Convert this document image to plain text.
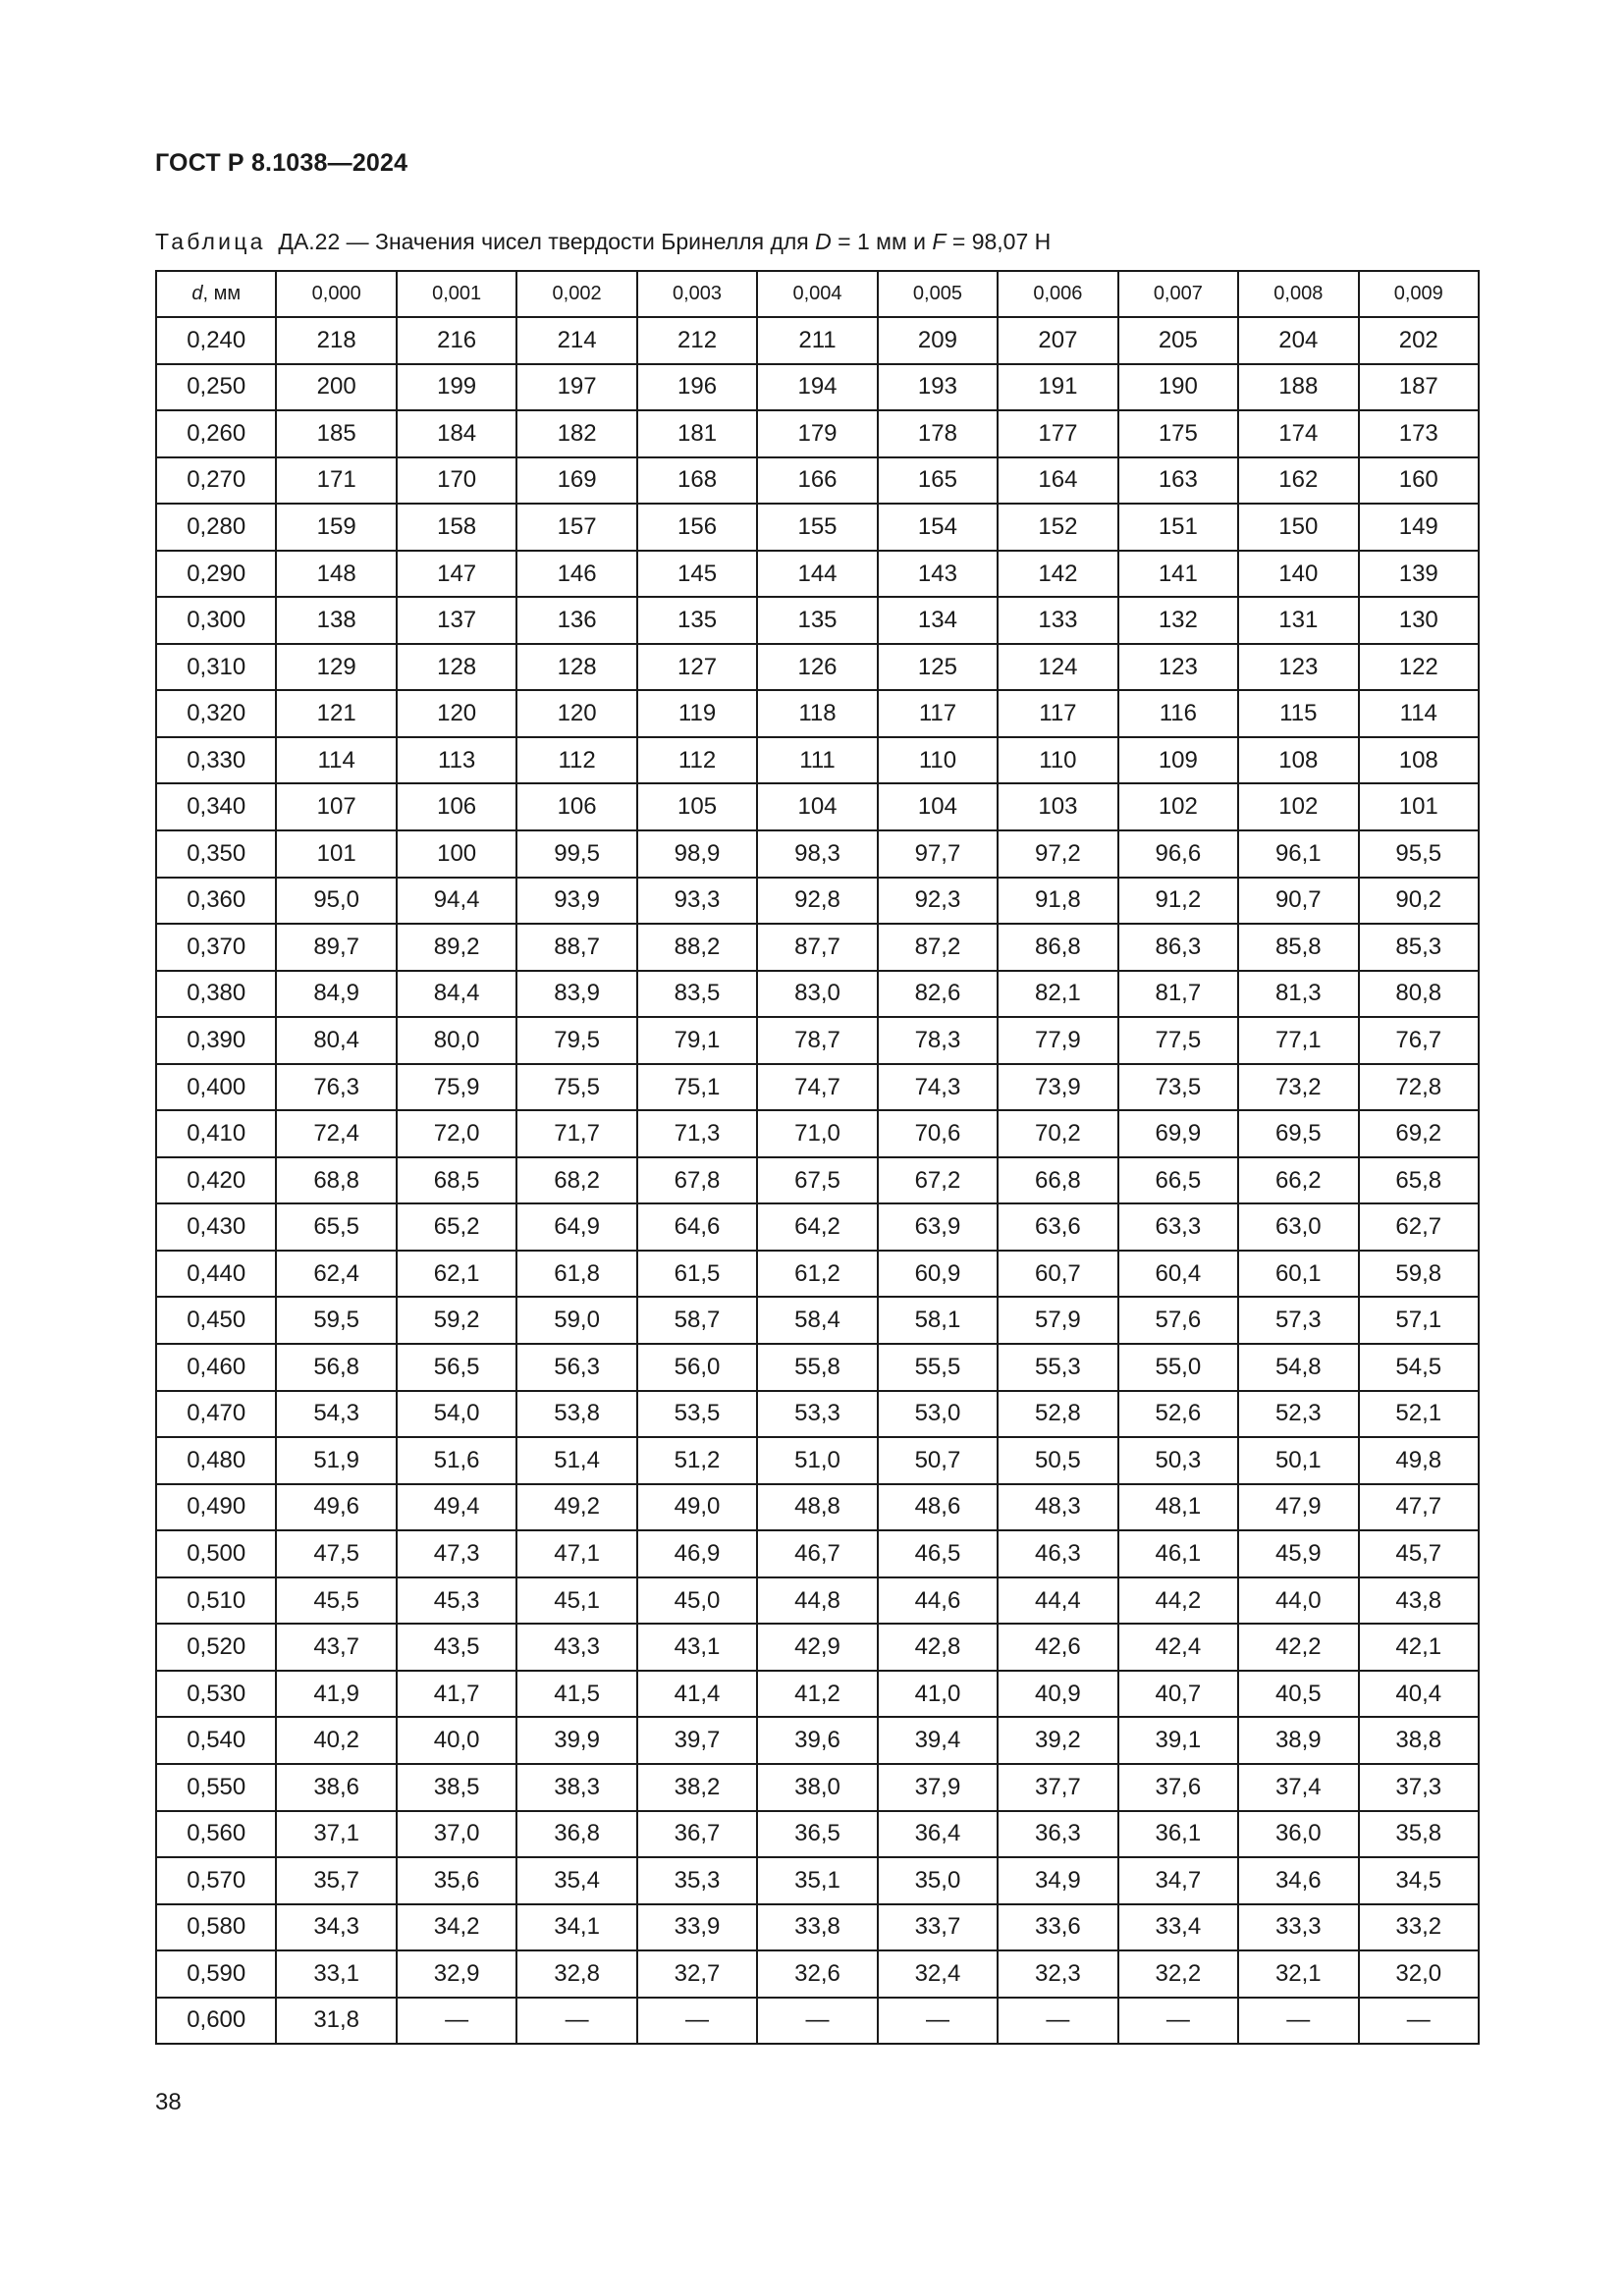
ГОСТ Р 8.1038—2024
Таблица ДА.22 — Значения чисел твердости Бринелля для D = 1 мм и F = 98,07 Н
d, мм	0,000	0,001	0,002	0,003	0,004	0,005	0,006	0,007	0,008	0,009
0,240	218	216	214	212	211	209	207	205	204	202
0,250	200	199	197	196	194	193	191	190	188	187
0,260	185	184	182	181	179	178	177	175	174	173
0,270	171	170	169	168	166	165	164	163	162	160
0,280	159	158	157	156	155	154	152	151	150	149
0,290	148	147	146	145	144	143	142	141	140	139
0,300	138	137	136	135	135	134	133	132	131	130
0,310	129	128	128	127	126	125	124	123	123	122
0,320	121	120	120	119	118	117	117	116	115	114
0,330	114	113	112	112	111	110	110	109	108	108
0,340	107	106	106	105	104	104	103	102	102	101
0,350	101	100	99,5	98,9	98,3	97,7	97,2	96,6	96,1	95,5
0,360	95,0	94,4	93,9	93,3	92,8	92,3	91,8	91,2	90,7	90,2
0,370	89,7	89,2	88,7	88,2	87,7	87,2	86,8	86,3	85,8	85,3
0,380	84,9	84,4	83,9	83,5	83,0	82,6	82,1	81,7	81,3	80,8
0,390	80,4	80,0	79,5	79,1	78,7	78,3	77,9	77,5	77,1	76,7
0,400	76,3	75,9	75,5	75,1	74,7	74,3	73,9	73,5	73,2	72,8
0,410	72,4	72,0	71,7	71,3	71,0	70,6	70,2	69,9	69,5	69,2
0,420	68,8	68,5	68,2	67,8	67,5	67,2	66,8	66,5	66,2	65,8
0,430	65,5	65,2	64,9	64,6	64,2	63,9	63,6	63,3	63,0	62,7
0,440	62,4	62,1	61,8	61,5	61,2	60,9	60,7	60,4	60,1	59,8
0,450	59,5	59,2	59,0	58,7	58,4	58,1	57,9	57,6	57,3	57,1
0,460	56,8	56,5	56,3	56,0	55,8	55,5	55,3	55,0	54,8	54,5
0,470	54,3	54,0	53,8	53,5	53,3	53,0	52,8	52,6	52,3	52,1
0,480	51,9	51,6	51,4	51,2	51,0	50,7	50,5	50,3	50,1	49,8
0,490	49,6	49,4	49,2	49,0	48,8	48,6	48,3	48,1	47,9	47,7
0,500	47,5	47,3	47,1	46,9	46,7	46,5	46,3	46,1	45,9	45,7
0,510	45,5	45,3	45,1	45,0	44,8	44,6	44,4	44,2	44,0	43,8
0,520	43,7	43,5	43,3	43,1	42,9	42,8	42,6	42,4	42,2	42,1
0,530	41,9	41,7	41,5	41,4	41,2	41,0	40,9	40,7	40,5	40,4
0,540	40,2	40,0	39,9	39,7	39,6	39,4	39,2	39,1	38,9	38,8
0,550	38,6	38,5	38,3	38,2	38,0	37,9	37,7	37,6	37,4	37,3
0,560	37,1	37,0	36,8	36,7	36,5	36,4	36,3	36,1	36,0	35,8
0,570	35,7	35,6	35,4	35,3	35,1	35,0	34,9	34,7	34,6	34,5
0,580	34,3	34,2	34,1	33,9	33,8	33,7	33,6	33,4	33,3	33,2
0,590	33,1	32,9	32,8	32,7	32,6	32,4	32,3	32,2	32,1	32,0
0,600	31,8	—	—	—	—	—	—	—	—	—
38
